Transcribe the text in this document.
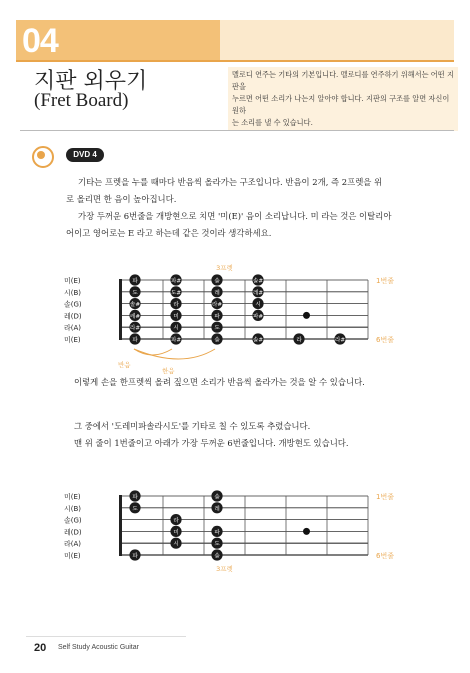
04
지판 외우기
(Fret Board)
멜로디 연주는 기타의 기본입니다. 멜로디를 연주하기 위해서는 어떤 지판을
누르면 어떤 소리가 나는지 알아야 합니다. 지판의 구조를 알면 자신이 원하
는 소리를 낼 수 있습니다.
DVD 4
기타는 프렛을 누를 때마다 반음씩 올라가는 구조입니다. 반음이 2개, 즉 2프렛을 위
로 올리면 한 음이 높아집니다.
가장 두꺼운 6번줄을 개방현으로 치면 '미(E)' 음이 소리납니다. 미 라는 것은 이탈리아
어이고 영어로는 E 라고 하는데 같은 것이라 생각하세요.
미(E)
시(B)
솔(G)
레(D)
라(A)
미(E)
파	파#	솔	솔#
도	도#	레	레#
솔#	라	라#	시
레#	미	파	파#
라#	시	도
파	파#	솔	솔#	라	라#
1번줄
6번줄
3프렛
반음
한음
이렇게 손을 한프렛씩 올려 짚으면 소리가 반음씩 올라가는 것을 알 수 있습니다.
그 중에서 '도레미파솔라시도'를 기타로 칠 수 있도록 추렸습니다.
맨 위 줄이 1번줄이고 아래가 가장 두꺼운 6번줄입니다. 개방현도 있습니다.
미(E)
시(B)
솔(G)
레(D)
라(A)
미(E)
파	솔
도	레
라
미	파
시	도
파	솔
1번줄
6번줄
3프렛
20 Self Study Acoustic Guitar
